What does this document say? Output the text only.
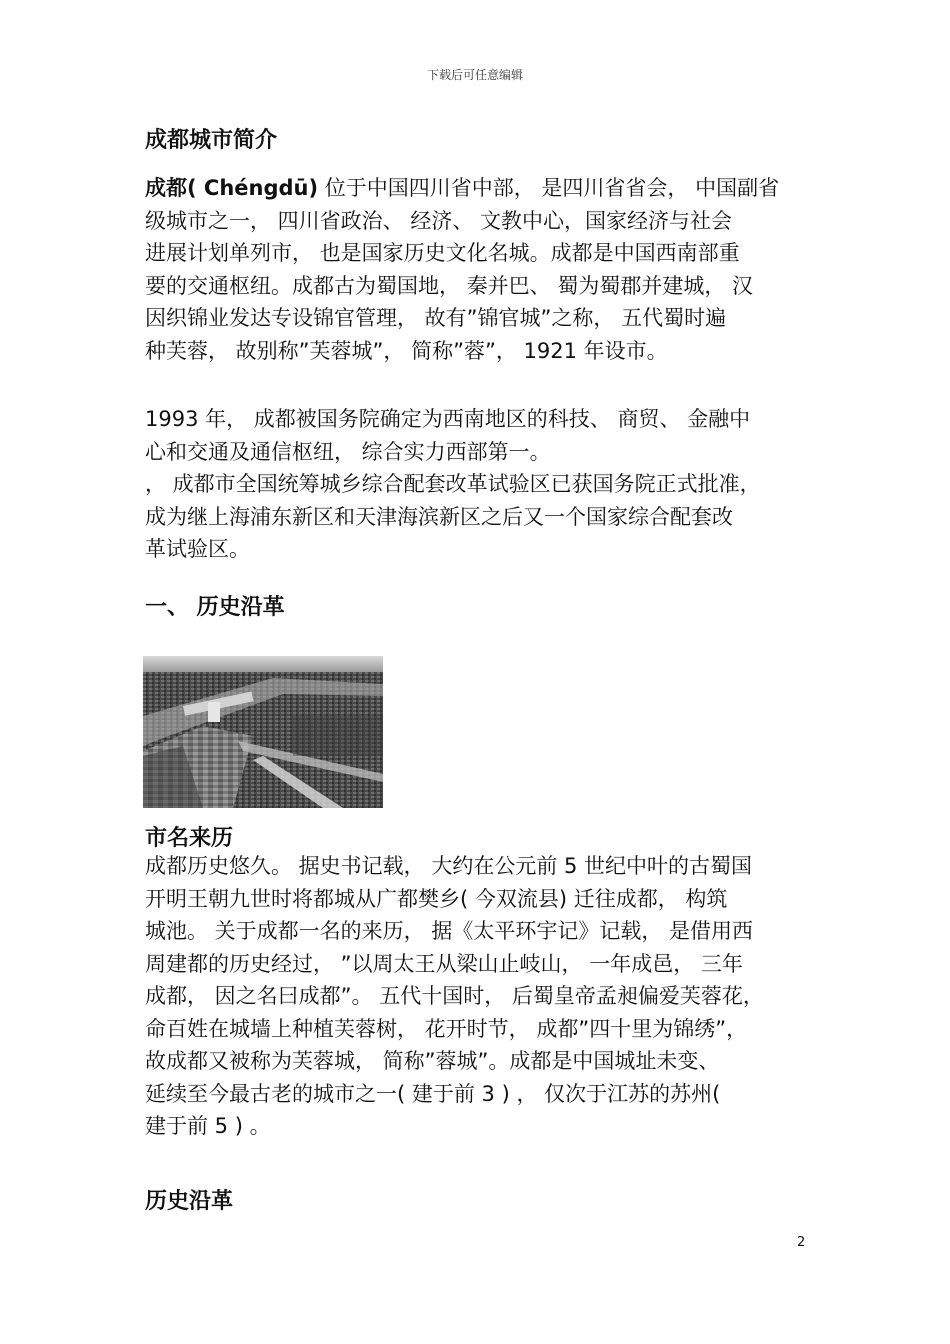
下载后可任意编辑
成都城市简介
成都( Chéngdū) 位于中国四川省中部， 是四川省省会， 中国副省
级城市之一， 四川省政治、 经济、 文教中心，国家经济与社会
进展计划单列市， 也是国家历史文化名城。成都是中国西南部重
要的交通枢纽。成都古为蜀国地， 秦并巴、 蜀为蜀郡并建城， 汉
因织锦业发达专设锦官管理， 故有”锦官城”之称， 五代蜀时遍
种芙蓉， 故别称”芙蓉城”， 简称”蓉”， 1921 年设市。
1993 年， 成都被国务院确定为西南地区的科技、 商贸、 金融中
心和交通及通信枢纽， 综合实力西部第一。
， 成都市全国统筹城乡综合配套改革试验区已获国务院正式批准，
成为继上海浦东新区和天津海滨新区之后又一个国家综合配套改
革试验区。
一、 历史沿革
市名来历
成都历史悠久。 据史书记载， 大约在公元前 5 世纪中叶的古蜀国
开明王朝九世时将都城从广都樊乡( 今双流县) 迁往成都， 构筑
城池。 关于成都一名的来历， 据《太平环宇记》记载， 是借用西
周建都的历史经过， ”以周太王从梁山止岐山， 一年成邑， 三年
成都， 因之名曰成都”。 五代十国时， 后蜀皇帝孟昶偏爱芙蓉花，
命百姓在城墙上种植芙蓉树， 花开时节， 成都”四十里为锦绣”，
故成都又被称为芙蓉城， 简称”蓉城”。成都是中国城址未变、
延续至今最古老的城市之一( 建于前 3 ) ， 仅次于江苏的苏州(
建于前 5 ) 。
历史沿革
2
